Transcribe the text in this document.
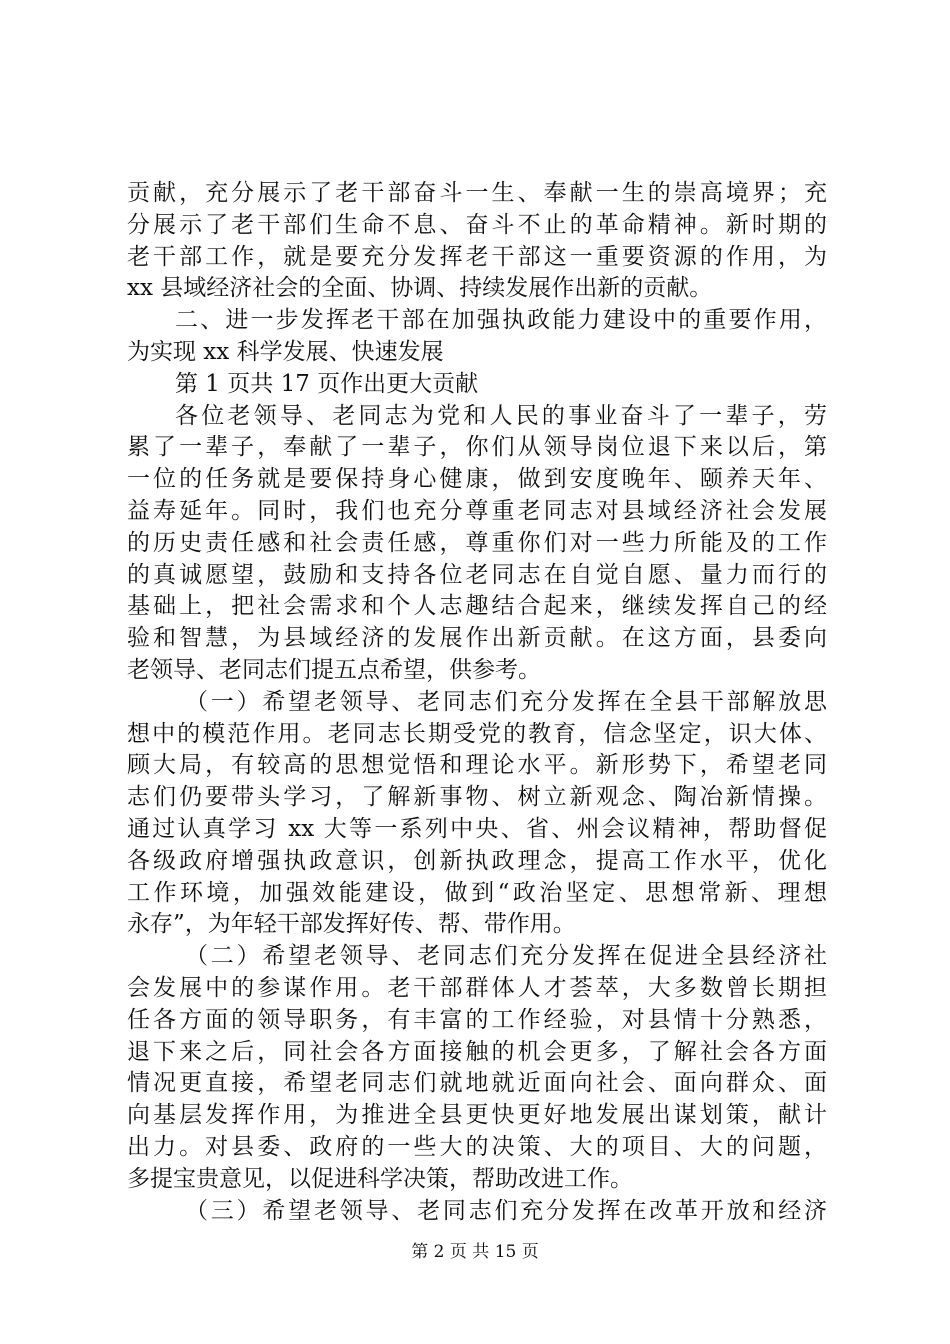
贡献，充分展示了老干部奋斗一生、奉献一生的崇高境界；充
分展示了老干部们生命不息、奋斗不止的革命精神。新时期的
老干部工作，就是要充分发挥老干部这一重要资源的作用，为
xx 县域经济社会的全面、协调、持续发展作出新的贡献。
二、进一步发挥老干部在加强执政能力建设中的重要作用，
为实现 xx 科学发展、快速发展
第 1 页共 17 页作出更大贡献
各位老领导、老同志为党和人民的事业奋斗了一辈子，劳
累了一辈子，奉献了一辈子，你们从领导岗位退下来以后，第
一位的任务就是要保持身心健康，做到安度晚年、颐养天年、
益寿延年。同时，我们也充分尊重老同志对县域经济社会发展
的历史责任感和社会责任感，尊重你们对一些力所能及的工作
的真诚愿望，鼓励和支持各位老同志在自觉自愿、量力而行的
基础上，把社会需求和个人志趣结合起来，继续发挥自己的经
验和智慧，为县域经济的发展作出新贡献。在这方面，县委向
老领导、老同志们提五点希望，供参考。
（一）希望老领导、老同志们充分发挥在全县干部解放思
想中的模范作用。老同志长期受党的教育，信念坚定，识大体、
顾大局，有较高的思想觉悟和理论水平。新形势下，希望老同
志们仍要带头学习，了解新事物、树立新观念、陶冶新情操。
通过认真学习 xx 大等一系列中央、省、州会议精神，帮助督促
各级政府增强执政意识，创新执政理念，提高工作水平，优化
工作环境，加强效能建设，做到“政治坚定、思想常新、理想
永存”，为年轻干部发挥好传、帮、带作用。
（二）希望老领导、老同志们充分发挥在促进全县经济社
会发展中的参谋作用。老干部群体人才荟萃，大多数曾长期担
任各方面的领导职务，有丰富的工作经验，对县情十分熟悉，
退下来之后，同社会各方面接触的机会更多，了解社会各方面
情况更直接，希望老同志们就地就近面向社会、面向群众、面
向基层发挥作用，为推进全县更快更好地发展出谋划策，献计
出力。对县委、政府的一些大的决策、大的项目、大的问题，
多提宝贵意见，以促进科学决策，帮助改进工作。
（三）希望老领导、老同志们充分发挥在改革开放和经济
第 2 页 共 15 页
